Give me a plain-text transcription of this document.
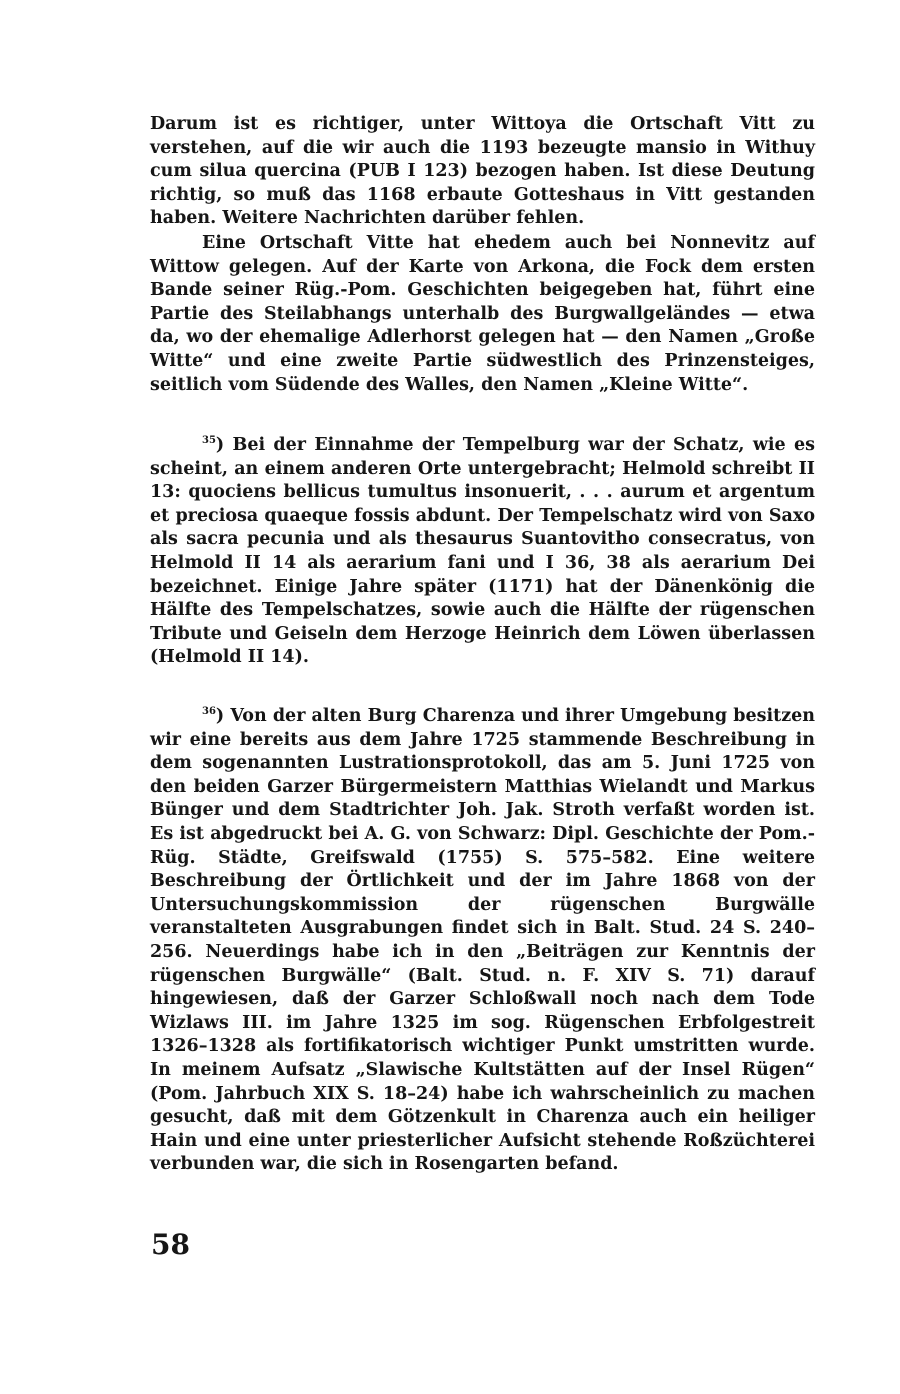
Darum ist es richtiger, unter Wittoya die Ortschaft Vitt zu verstehen, auf die wir auch die 1193 bezeugte mansio in Withuy cum silua quercina (PUB I 123) bezogen haben. Ist diese Deutung richtig, so muß das 1168 erbaute Gotteshaus in Vitt gestanden haben. Weitere Nachrichten darüber fehlen.

Eine Ortschaft Vitte hat ehedem auch bei Nonnevitz auf Wittow gelegen. Auf der Karte von Arkona, die Fock dem ersten Bande seiner Rüg.-Pom. Geschichten beigegeben hat, führt eine Partie des Steilabhangs unterhalb des Burgwallgeländes — etwa da, wo der ehemalige Adlerhorst gelegen hat — den Namen „Große Witte“ und eine zweite Partie südwestlich des Prinzensteiges, seitlich vom Südende des Walles, den Namen „Kleine Witte“.

$^{35}$) Bei der Einnahme der Tempelburg war der Schatz, wie es scheint, an einem anderen Orte untergebracht; Helmold schreibt II 13: quociens bellicus tumultus insonuerit, . . . aurum et argentum et preciosa quaeque fossis abdunt. Der Tempelschatz wird von Saxo als sacra pecunia und als thesaurus Suantovitho consecratus, von Helmold II 14 als aerarium fani und I 36, 38 als aerarium Dei bezeichnet. Einige Jahre später (1171) hat der Dänenkönig die Hälfte des Tempelschatzes, sowie auch die Hälfte der rügenschen Tribute und Geiseln dem Herzoge Heinrich dem Löwen überlassen (Helmold II 14).

$^{36}$) Von der alten Burg Charenza und ihrer Umgebung besitzen wir eine bereits aus dem Jahre 1725 stammende Beschreibung in dem sogenannten Lustrationsprotokoll, das am 5. Juni 1725 von den beiden Garzer Bürgermeistern Matthias Wielandt und Markus Bünger und dem Stadtrichter Joh. Jak. Stroth verfaßt worden ist. Es ist abgedruckt bei A. G. von Schwarz: Dipl. Geschichte der Pom.-Rüg. Städte, Greifswald (1755) S. 575–582. Eine weitere Beschreibung der Örtlichkeit und der im Jahre 1868 von der Untersuchungskommission der rügenschen Burgwälle veranstalteten Ausgrabungen findet sich in Balt. Stud. 24 S. 240–256. Neuerdings habe ich in den „Beiträgen zur Kenntnis der rügenschen Burgwälle“ (Balt. Stud. n. F. XIV S. 71) darauf hingewiesen, daß der Garzer Schloßwall noch nach dem Tode Wizlaws III. im Jahre 1325 im sog. Rügenschen Erbfolgestreit 1326–1328 als fortifikatorisch wichtiger Punkt umstritten wurde. In meinem Aufsatz „Slawische Kultstätten auf der Insel Rügen“ (Pom. Jahrbuch XIX S. 18–24) habe ich wahrscheinlich zu machen gesucht, daß mit dem Götzenkult in Charenza auch ein heiliger Hain und eine unter priesterlicher Aufsicht stehende Roßzüchterei verbunden war, die sich in Rosengarten befand.

58
